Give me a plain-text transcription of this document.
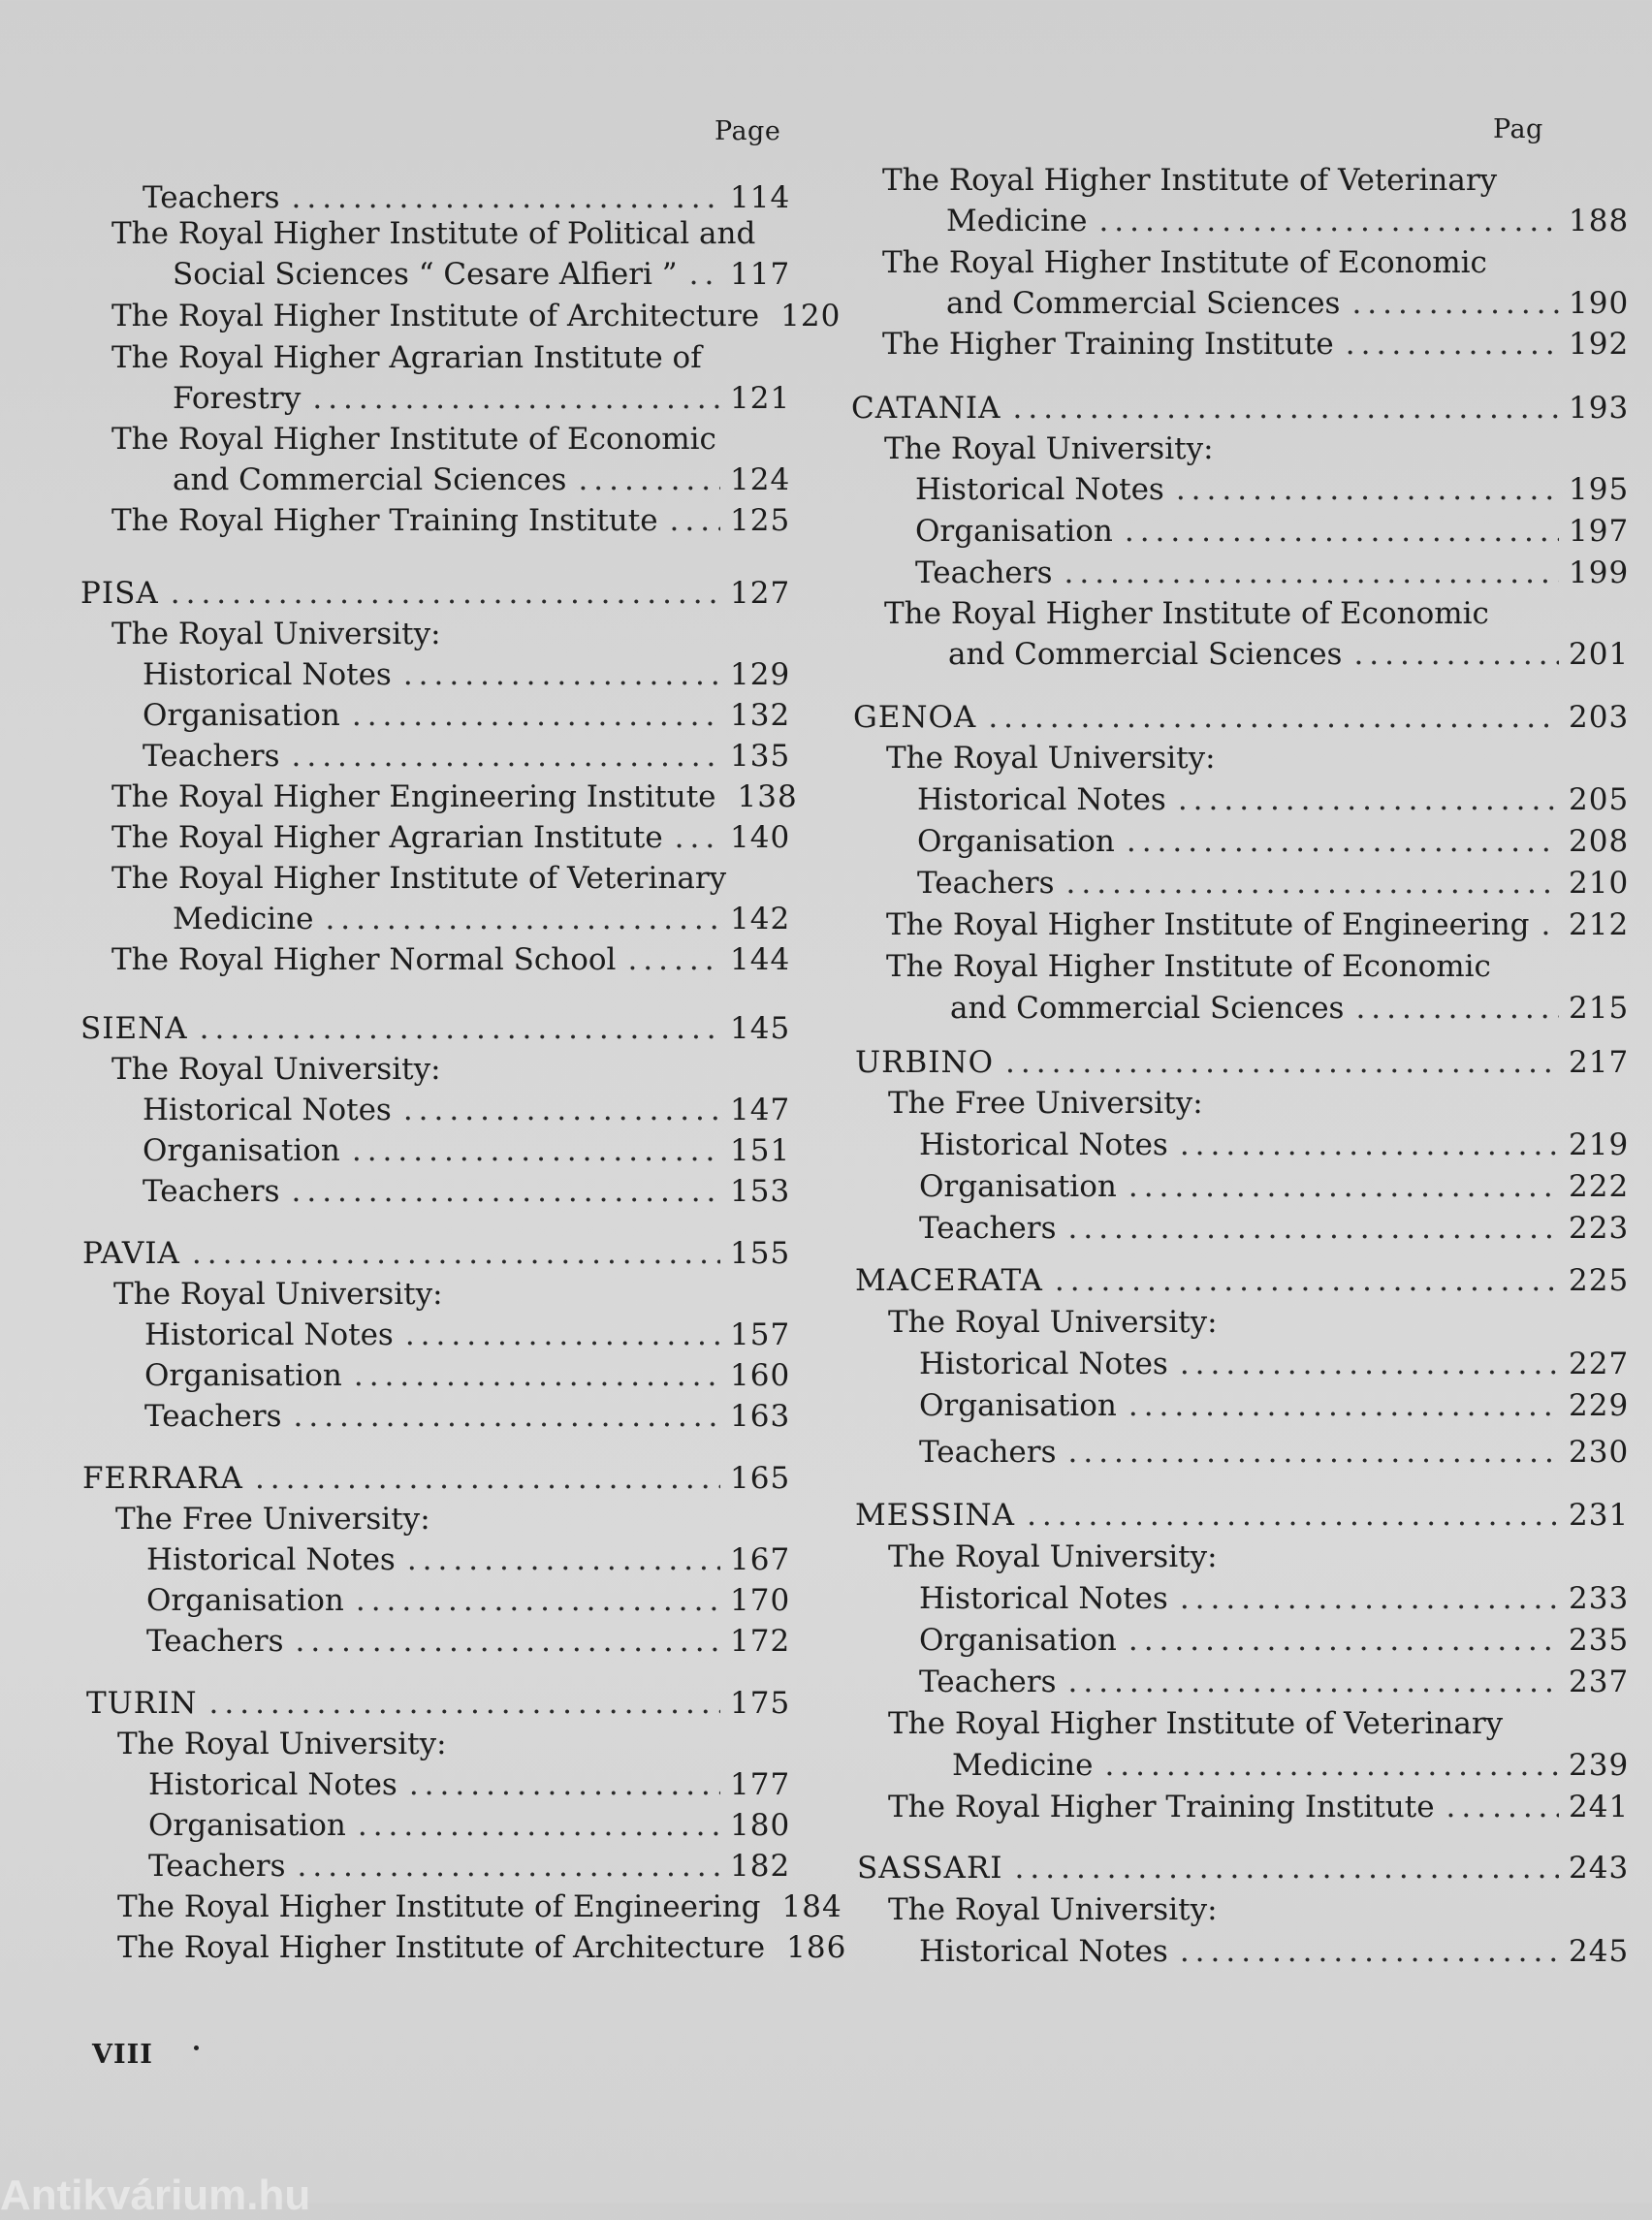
Page
Teachers .....	114
The Royal Higher Institute of Political and
Social Sciences “ Cesare Alfieri ” ..... 117
The Royal Higher Institute of Architecture 120
The Royal Higher Agrarian Institute of
Forestry .....	121
The Royal Higher Institute of Economic
and Commercial Sciences .....	124
The Royal Higher Training Institute ..... 125
PISA .....	127
The Royal University:
Historical Notes .....	129
Organisation .....	132
Teachers .....	135
The Royal Higher Engineering Institute 138
The Royal Higher Agrarian Institute ..... 140
The Royal Higher Institute of Veterinary
Medicine .....	142
The Royal Higher Normal School .....	144
SIENA .....	145
The Royal University:
Historical Notes .....	147
Organisation .....	151
Teachers .....	153
PAVIA .....	155
The Royal University:
Historical Notes .....	157
Organisation .....	160
Teachers .....	163
FERRARA .....	165
The Free University:
Historical Notes .....	167
Organisation .....	170
Teachers .....	172
TURIN .....	175
The Royal University:
Historical Notes .....	177
Organisation .....	180
Teachers .....	182
The Royal Higher Institute of Engineering 184
The Royal Higher Institute of Architecture 186
Pag
The Royal Higher Institute of Veterinary
Medicine .....	188
The Royal Higher Institute of Economic
and Commercial Sciences .....	190
The Higher Training Institute .....	192
CATANIA .....	193
The Royal University:
Historical Notes .....	195
Organisation .....	197
Teachers .....	199
The Royal Higher Institute of Economic
and Commercial Sciences .....	201
GENOA .....	203
The Royal University:
Historical Notes .....	205
Organisation .....	208
Teachers .....	210
The Royal Higher Institute of Engineering ..... 212
The Royal Higher Institute of Economic
and Commercial Sciences .....	215
URBINO .....	217
The Free University:
Historical Notes .....	219
Organisation .....	222
Teachers .....	223
MACERATA .....	225
The Royal University:
Historical Notes .....	227
Organisation .....	229
Teachers .....	230
MESSINA .....	231
The Royal University:
Historical Notes .....	233
Organisation .....	235
Teachers .....	237
The Royal Higher Institute of Veterinary
Medicine .....	239
The Royal Higher Training Institute .....	241
SASSARI .....	243
The Royal University:
Historical Notes .....	245
VIII
Antikvárium.hu
